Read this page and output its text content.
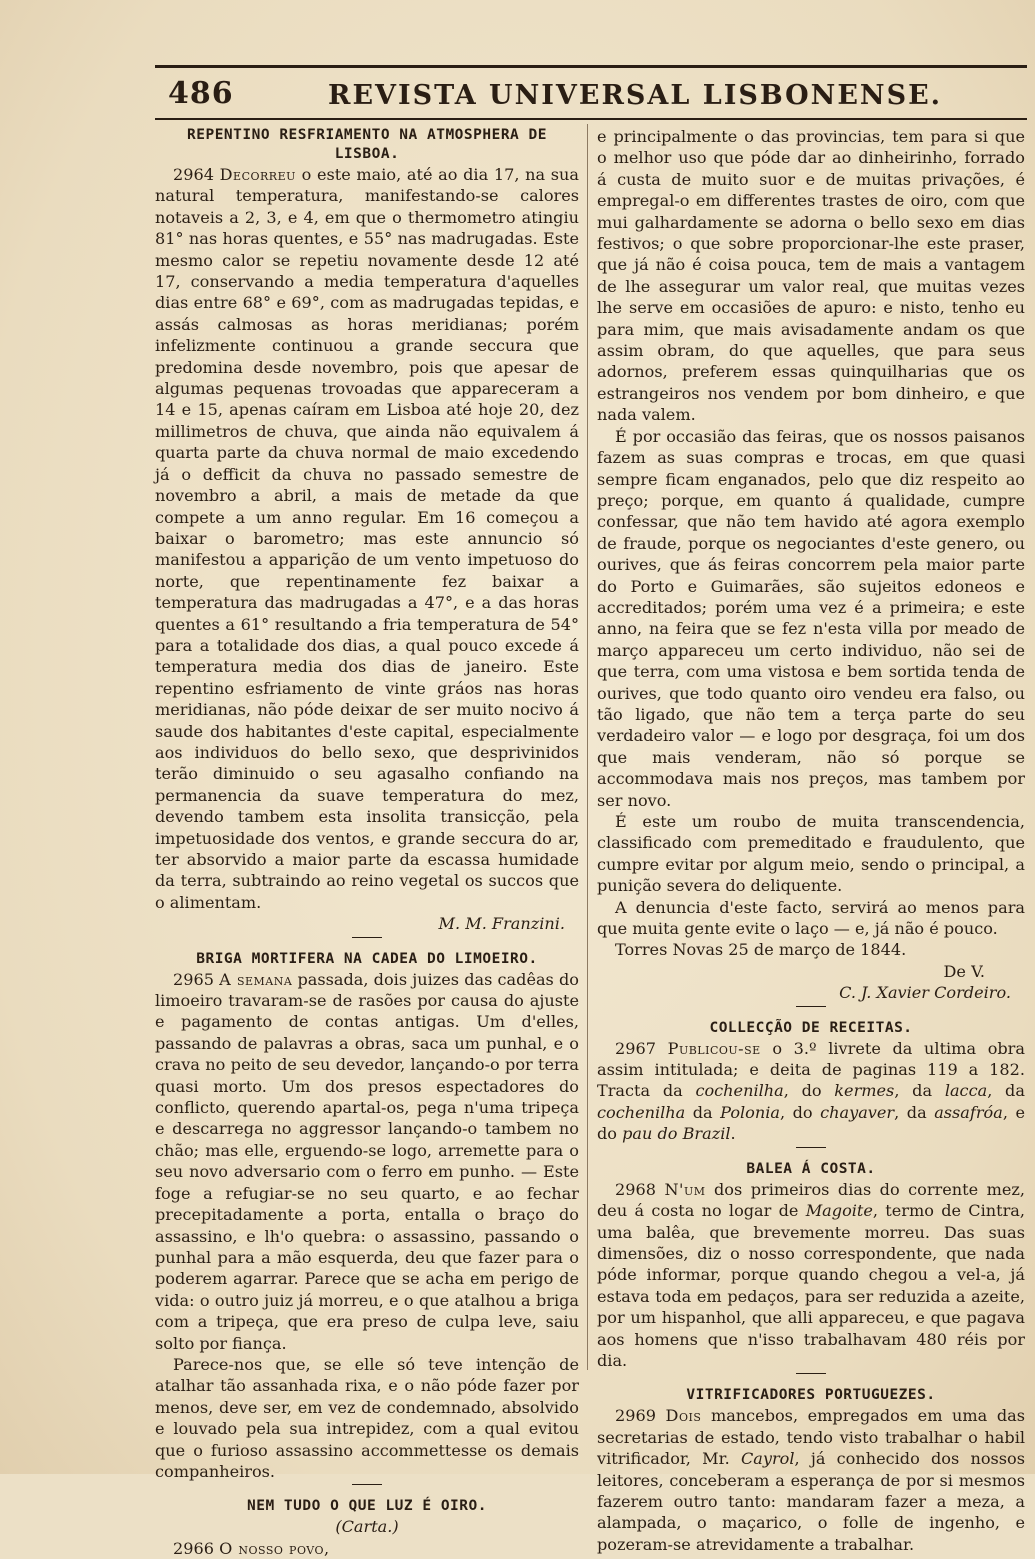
486	REVISTA UNIVERSAL LISBONENSE.
REPENTINO RESFRIAMENTO NA ATMOSPHERA DE LISBOA.

2964 Decorreu o este maio, até ao dia 17, na sua natural temperatura, manifestando-se calores notaveis a 2, 3, e 4, em que o thermometro atingiu 81° nas horas quentes, e 55° nas madrugadas. Este mesmo calor se repetiu novamente desde 12 até 17, conservando a media temperatura d'aquelles dias entre 68° e 69°, com as madrugadas tepidas, e assás calmosas as horas meridianas; porém infelizmente continuou a grande seccura que predomina desde novembro, pois que apesar de algumas pequenas trovoadas que appareceram a 14 e 15, apenas caíram em Lisboa até hoje 20, dez millimetros de chuva, que ainda não equivalem á quarta parte da chuva normal de maio excedendo já o defficit da chuva no passado semestre de novembro a abril, a mais de metade da que compete a um anno regular. Em 16 começou a baixar o barometro; mas este annuncio só manifestou a apparição de um vento impetuoso do norte, que repentinamente fez baixar a temperatura das madrugadas a 47°, e a das horas quentes a 61° resultando a fria temperatura de 54° para a totalidade dos dias, a qual pouco excede á temperatura media dos dias de janeiro. Este repentino esfriamento de vinte gráos nas horas meridianas, não póde deixar de ser muito nocivo á saude dos habitantes d'este capital, especialmente aos individuos do bello sexo, que desprivinidos terão diminuido o seu agasalho confiando na permanencia da suave temperatura do mez, devendo tambem esta insolita transicção, pela impetuosidade dos ventos, e grande seccura do ar, ter absorvido a maior parte da escassa humidade da terra, subtraindo ao reino vegetal os succos que o alimentam.

M. M. Franzini.
BRIGA MORTIFERA NA CADEA DO LIMOEIRO.

2965 A semana passada, dois juizes das cadêas do limoeiro travaram-se de rasões por causa do ajuste e pagamento de contas antigas. Um d'elles, passando de palavras a obras, saca um punhal, e o crava no peito de seu devedor, lançando-o por terra quasi morto. Um dos presos espectadores do conflicto, querendo apartal-os, pega n'uma tripeça e descarrega no aggressor lançando-o tambem no chão; mas elle, erguendo-se logo, arremette para o seu novo adversario com o ferro em punho. — Este foge a refugiar-se no seu quarto, e ao fechar precepitadamente a porta, entalla o braço do assassino, e lh'o quebra: o assassino, passando o punhal para a mão esquerda, deu que fazer para o poderem agarrar. Parece que se acha em perigo de vida: o outro juiz já morreu, e o que atalhou a briga com a tripeça, que era preso de culpa leve, saiu solto por fiança.

Parece-nos que, se elle só teve intenção de atalhar tão assanhada rixa, e o não póde fazer por menos, deve ser, em vez de condemnado, absolvido e louvado pela sua intrepidez, com a qual evitou que o furioso assassino accommettesse os demais companheiros.

NEM TUDO O QUE LUZ É OIRO.
(Carta.)

2966 O nosso povo,

e principalmente o das provincias, tem para si que o melhor uso que póde dar ao dinheirinho, forrado á custa de muito suor e de muitas privações, é empregal-o em differentes trastes de oiro, com que mui galhardamente se adorna o bello sexo em dias festivos; o que sobre proporcionar-lhe este praser, que já não é coisa pouca, tem de mais a vantagem de lhe assegurar um valor real, que muitas vezes lhe serve em occasiões de apuro: e nisto, tenho eu para mim, que mais avisadamente andam os que assim obram, do que aquelles, que para seus adornos, preferem essas quinquilharias que os estrangeiros nos vendem por bom dinheiro, e que nada valem.

É por occasião das feiras, que os nossos paisanos fazem as suas compras e trocas, em que quasi sempre ficam enganados, pelo que diz respeito ao preço; porque, em quanto á qualidade, cumpre confessar, que não tem havido até agora exemplo de fraude, porque os negociantes d'este genero, ou ourives, que ás feiras concorrem pela maior parte do Porto e Guimarães, são sujeitos edoneos e accreditados; porém uma vez é a primeira; e este anno, na feira que se fez n'esta villa por meado de março appareceu um certo individuo, não sei de que terra, com uma vistosa e bem sortida tenda de ourives, que todo quanto oiro vendeu era falso, ou tão ligado, que não tem a terça parte do seu verdadeiro valor — e logo por desgraça, foi um dos que mais venderam, não só porque se accommodava mais nos preços, mas tambem por ser novo.

É este um roubo de muita transcendencia, classificado com premeditado e fraudulento, que cumpre evitar por algum meio, sendo o principal, a punição severa do deliquente.

A denuncia d'este facto, servirá ao menos para que muita gente evite o laço — e, já não é pouco.

Torres Novas 25 de março de 1844.

De V.
C. J. Xavier Cordeiro.
COLLECÇÃO DE RECEITAS.

2967 Publicou-se o 3.º livrete da ultima obra assim intitulada; e deita de paginas 119 a 182. Tracta da cochenilha, do kermes, da lacca, da cochenilha da Polonia, do chayaver, da assafróa, e do pau do Brazil.

BALEA Á COSTA.

2968 N'um dos primeiros dias do corrente mez, deu á costa no logar de Magoite, termo de Cintra, uma balêa, que brevemente morreu. Das suas dimensões, diz o nosso correspondente, que nada póde informar, porque quando chegou a vel-a, já estava toda em pedaços, para ser reduzida a azeite, por um hispanhol, que alli appareceu, e que pagava aos homens que n'isso trabalhavam 480 réis por dia.

VITRIFICADORES PORTUGUEZES.

2969 Dois mancebos, empregados em uma das secretarias de estado, tendo visto trabalhar o habil vitrificador, Mr. Cayrol, já conhecido dos nossos leitores, conceberam a esperança de por si mesmos fazerem outro tanto: mandaram fazer a meza, a alampada, o maçarico, o folle de ingenho, e pozeram-se atrevidamente a trabalhar.
